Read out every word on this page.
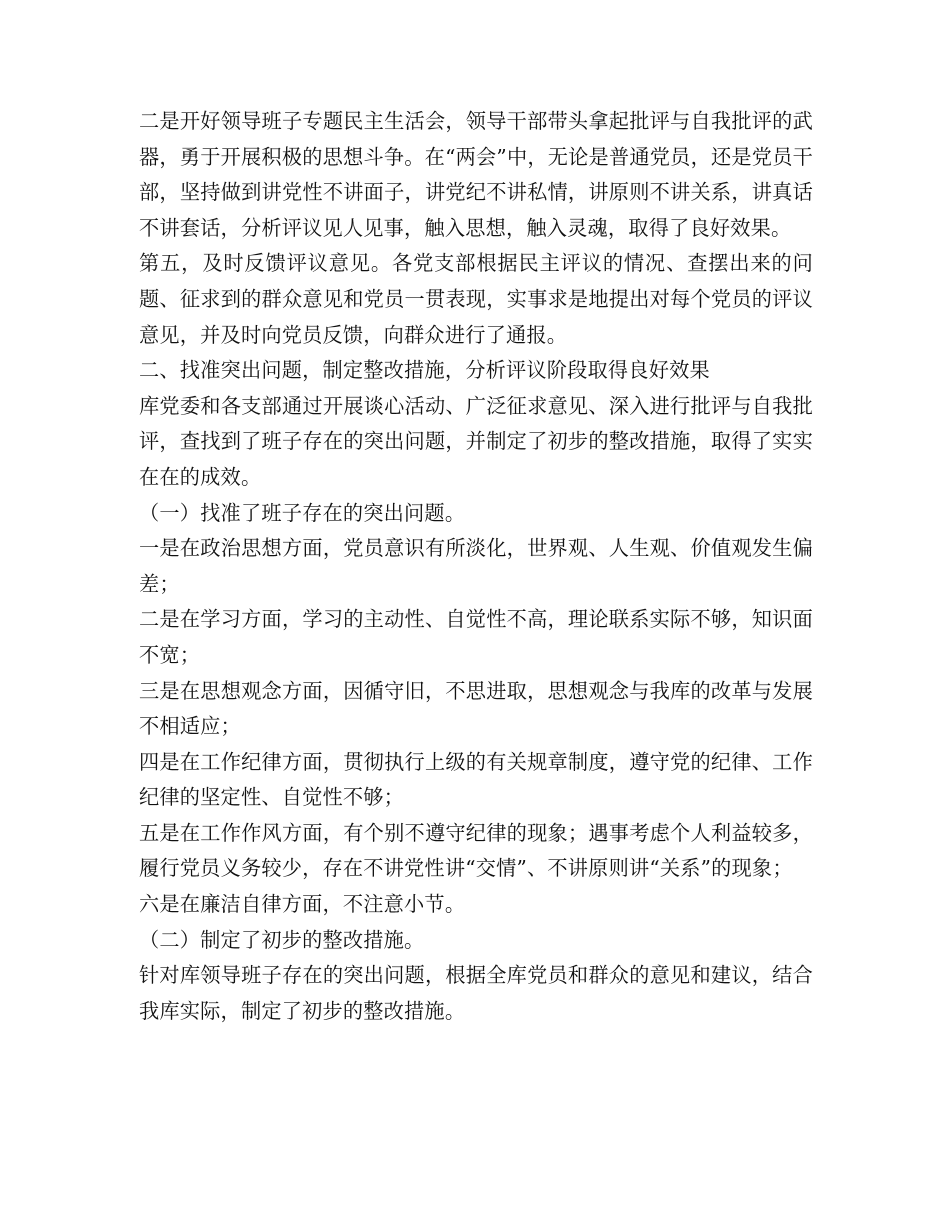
二是开好领导班子专题民主生活会，领导干部带头拿起批评与自我批评的武器，勇于开展积极的思想斗争。在“两会”中，无论是普通党员，还是党员干部，坚持做到讲党性不讲面子，讲党纪不讲私情，讲原则不讲关系，讲真话不讲套话，分析评议见人见事，触入思想，触入灵魂，取得了良好效果。

第五，及时反馈评议意见。各党支部根据民主评议的情况、查摆出来的问题、征求到的群众意见和党员一贯表现，实事求是地提出对每个党员的评议意见，并及时向党员反馈，向群众进行了通报。

二、找准突出问题，制定整改措施，分析评议阶段取得良好效果

库党委和各支部通过开展谈心活动、广泛征求意见、深入进行批评与自我批评，查找到了班子存在的突出问题，并制定了初步的整改措施，取得了实实在在的成效。

（一）找准了班子存在的突出问题。

一是在政治思想方面，党员意识有所淡化，世界观、人生观、价值观发生偏差；

二是在学习方面，学习的主动性、自觉性不高，理论联系实际不够，知识面不宽；

三是在思想观念方面，因循守旧，不思进取，思想观念与我库的改革与发展不相适应；

四是在工作纪律方面，贯彻执行上级的有关规章制度，遵守党的纪律、工作纪律的坚定性、自觉性不够；

五是在工作作风方面，有个别不遵守纪律的现象；遇事考虑个人利益较多，履行党员义务较少，存在不讲党性讲“交情”、不讲原则讲“关系”的现象；

六是在廉洁自律方面，不注意小节。

（二）制定了初步的整改措施。

针对库领导班子存在的突出问题，根据全库党员和群众的意见和建议，结合我库实际，制定了初步的整改措施。
